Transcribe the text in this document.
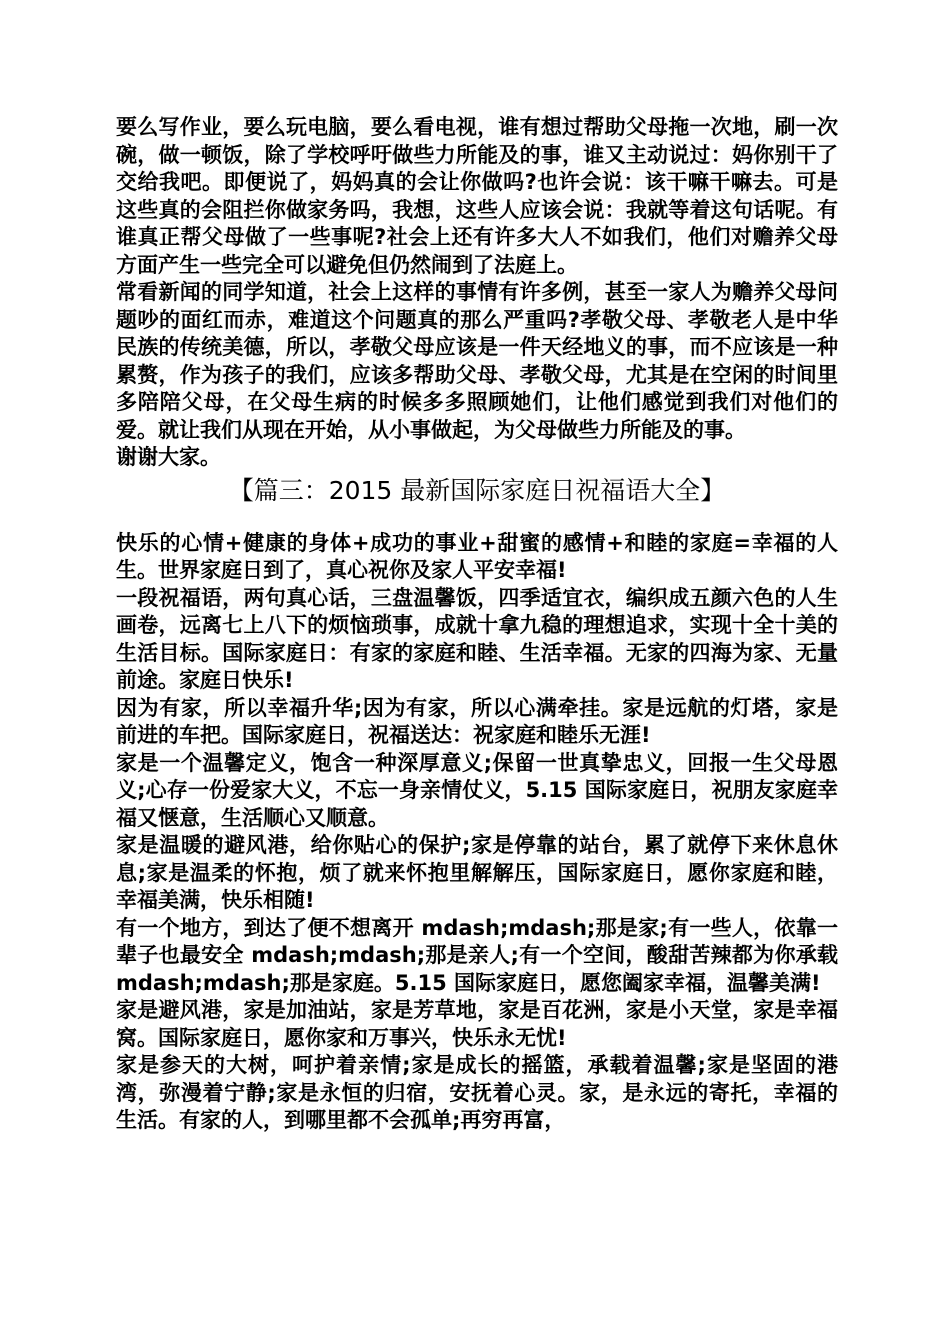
要么写作业，要么玩电脑，要么看电视，谁有想过帮助父母拖一次地，刷一次碗，做一顿饭，除了学校呼吁做些力所能及的事，谁又主动说过：妈你别干了交给我吧。即便说了，妈妈真的会让你做吗?也许会说：该干嘛干嘛去。可是这些真的会阻拦你做家务吗，我想，这些人应该会说：我就等着这句话呢。有谁真正帮父母做了一些事呢?社会上还有许多大人不如我们，他们对赡养父母方面产生一些完全可以避免但仍然闹到了法庭上。

常看新闻的同学知道，社会上这样的事情有许多例，甚至一家人为赡养父母问题吵的面红而赤，难道这个问题真的那么严重吗?孝敬父母、孝敬老人是中华民族的传统美德，所以，孝敬父母应该是一件天经地义的事，而不应该是一种累赘，作为孩子的我们，应该多帮助父母、孝敬父母，尤其是在空闲的时间里多陪陪父母，在父母生病的时候多多照顾她们，让他们感觉到我们对他们的爱。就让我们从现在开始，从小事做起，为父母做些力所能及的事。

谢谢大家。

【篇三：2015 最新国际家庭日祝福语大全】

快乐的心情+健康的身体+成功的事业+甜蜜的感情+和睦的家庭=幸福的人生。世界家庭日到了，真心祝你及家人平安幸福!

一段祝福语，两句真心话，三盘温馨饭，四季适宜衣，编织成五颜六色的人生画卷，远离七上八下的烦恼琐事，成就十拿九稳的理想追求，实现十全十美的生活目标。国际家庭日：有家的家庭和睦、生活幸福。无家的四海为家、无量前途。家庭日快乐!

因为有家，所以幸福升华;因为有家，所以心满牵挂。家是远航的灯塔，家是前进的车把。国际家庭日，祝福送达：祝家庭和睦乐无涯!

家是一个温馨定义，饱含一种深厚意义;保留一世真挚忠义，回报一生父母恩义;心存一份爱家大义，不忘一身亲情仗义，5.15 国际家庭日，祝朋友家庭幸福又惬意，生活顺心又顺意。

家是温暖的避风港，给你贴心的保护;家是停靠的站台，累了就停下来休息休息;家是温柔的怀抱，烦了就来怀抱里解解压，国际家庭日，愿你家庭和睦，幸福美满，快乐相随!

有一个地方，到达了便不想离开 mdash;mdash;那是家;有一些人，依靠一辈子也最安全 mdash;mdash;那是亲人;有一个空间，酸甜苦辣都为你承载 mdash;mdash;那是家庭。5.15 国际家庭日，愿您阖家幸福，温馨美满!

家是避风港，家是加油站，家是芳草地，家是百花洲，家是小天堂，家是幸福窝。国际家庭日，愿你家和万事兴，快乐永无忧!

家是参天的大树，呵护着亲情;家是成长的摇篮，承载着温馨;家是坚固的港湾，弥漫着宁静;家是永恒的归宿，安抚着心灵。家，是永远的寄托，幸福的生活。有家的人，到哪里都不会孤单;再穷再富，
